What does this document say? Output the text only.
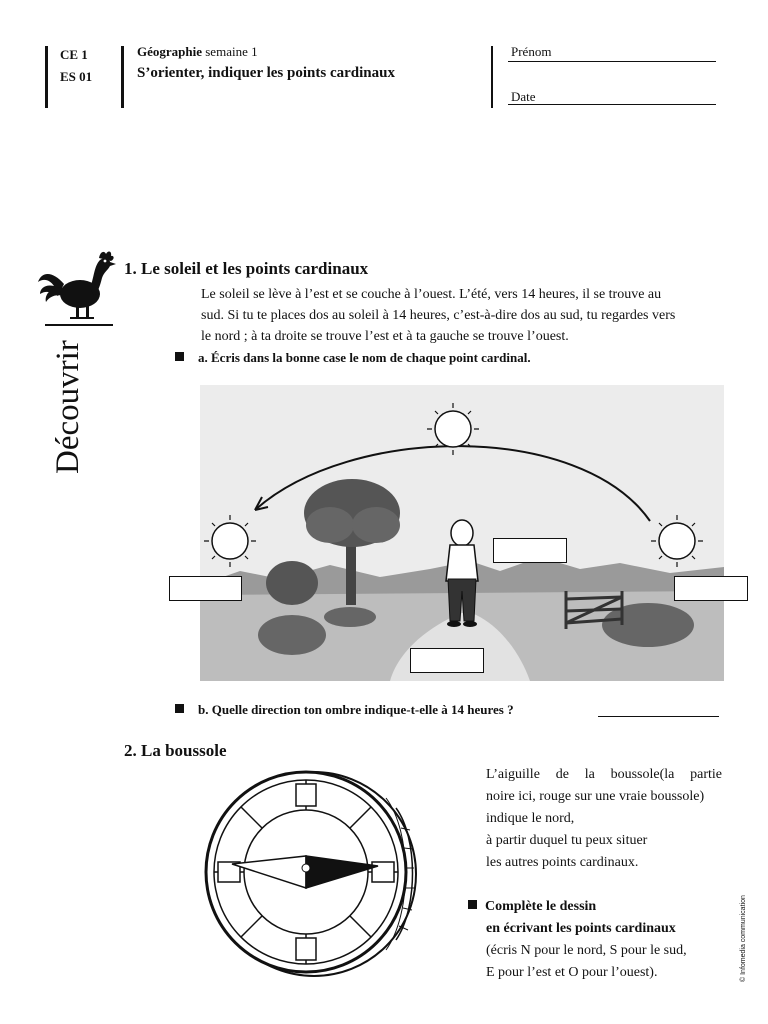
CE 1
ES 01
Géographie semaine 1
S’orienter, indiquer les points cardinaux
Prénom
Date
Découvrir
1. Le soleil et les points cardinaux
Le soleil se lève à l’est et se couche à l’ouest. L’été, vers 14 heures, il se trouve au
sud. Si tu te places dos au soleil à 14 heures, c’est-à-dire dos au sud, tu regardes vers
le nord ; à ta droite se trouve l’est et à ta gauche se trouve l’ouest.
a. Écris dans la bonne case le nom de chaque point cardinal.
b. Quelle direction ton ombre indique-t-elle à 14 heures ?
2. La boussole
L’aiguille de la boussole(la partie
noire ici, rouge sur une vraie boussole)
indique le nord,
à partir duquel tu peux situer
les autres points cardinaux.
Complète le dessin
en écrivant les points cardinaux
(écris N pour le nord, S pour le sud,
E pour l’est et O pour l’ouest).	© Infomedia communication
